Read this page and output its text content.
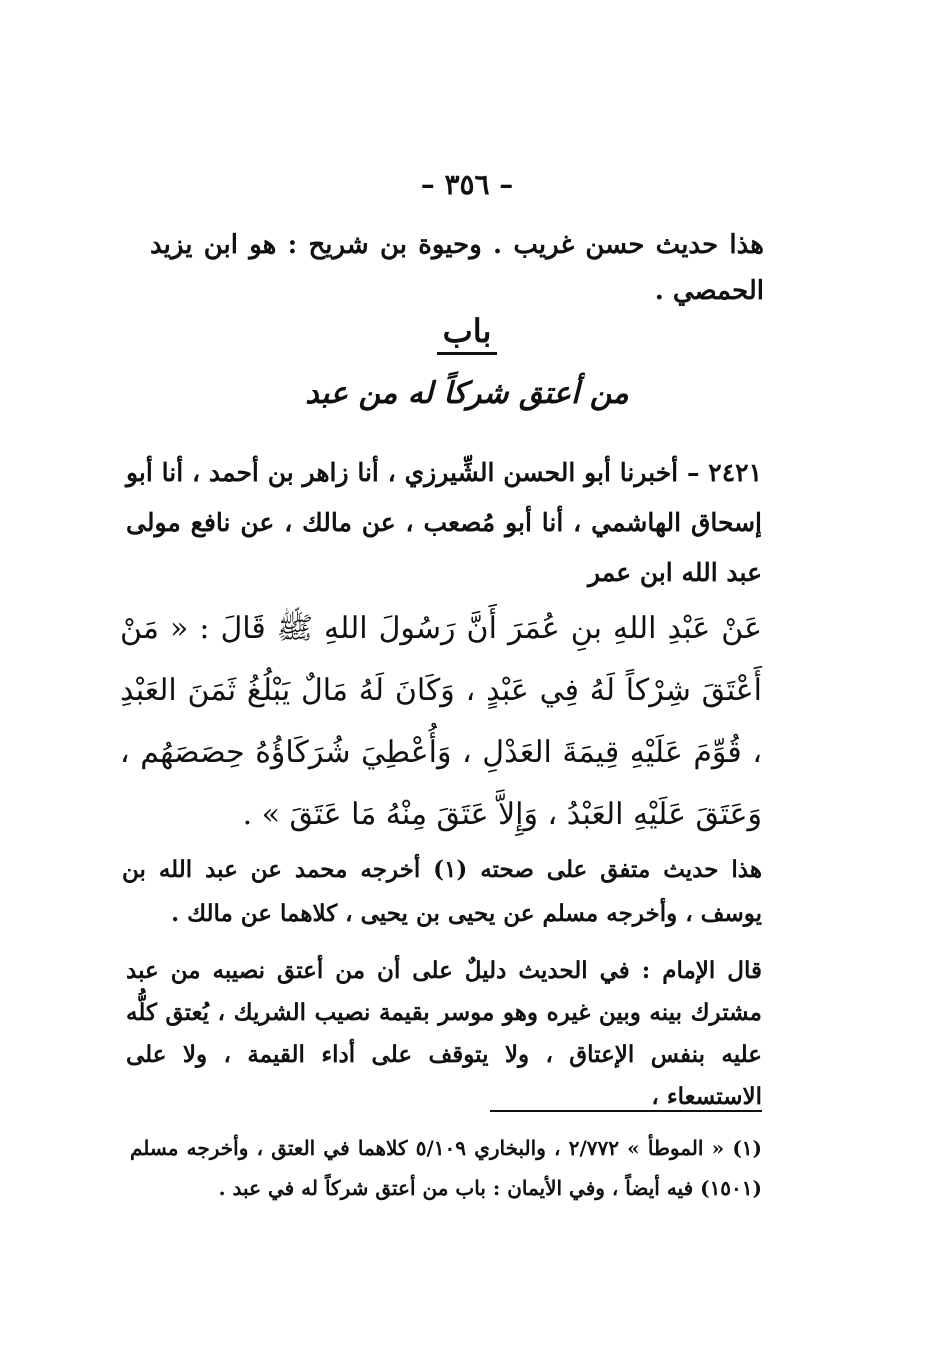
– ٣٥٦ –
هذا حديث حسن غريب . وحيوة بن شريح : هو ابن يزيد الحمصي .
باب
من أعتق شركاً له من عبد
٢٤٢١ – أخبرنا أبو الحسن الشِّيرزي ، أنا زاهر بن أحمد ، أنا أبو إسحاق الهاشمي ، أنا أبو مُصعب ، عن مالك ، عن نافع مولى عبد الله ابن عمر
عَنْ عَبْدِ اللهِ بنِ عُمَرَ أَنَّ رَسُولَ اللهِ ﷺ قَالَ : « مَنْ أَعْتَقَ شِرْكاً لَهُ فِي عَبْدٍ ، وَكَانَ لَهُ مَالٌ يَبْلُغُ ثَمَنَ العَبْدِ ، قُوِّمَ عَلَيْهِ قِيمَةَ العَدْلِ ، وَأُعْطِيَ شُرَكَاؤُهُ حِصَصَهُم ، وَعَتَقَ عَلَيْهِ العَبْدُ ، وَإِلاَّ عَتَقَ مِنْهُ مَا عَتَقَ » .
هذا حديث متفق على صحته (١) أخرجه محمد عن عبد الله بن يوسف ، وأخرجه مسلم عن يحيى بن يحيى ، كلاهما عن مالك .
قال الإمام : في الحديث دليلٌ على أن من أعتق نصيبه من عبد مشترك بينه وبين غيره وهو موسر بقيمة نصيب الشريك ، يُعتق كلُّه عليه بنفس الإعتاق ، ولا يتوقف على أداء القيمة ، ولا على الاستسعاء ،
(١) « الموطأ » ٢/٧٧٢ ، والبخاري ٥/١٠٩ كلاهما في العتق ، وأخرجه مسلم (١٥٠١) فيه أيضاً ، وفي الأيمان : باب من أعتق شركاً له في عبد .
